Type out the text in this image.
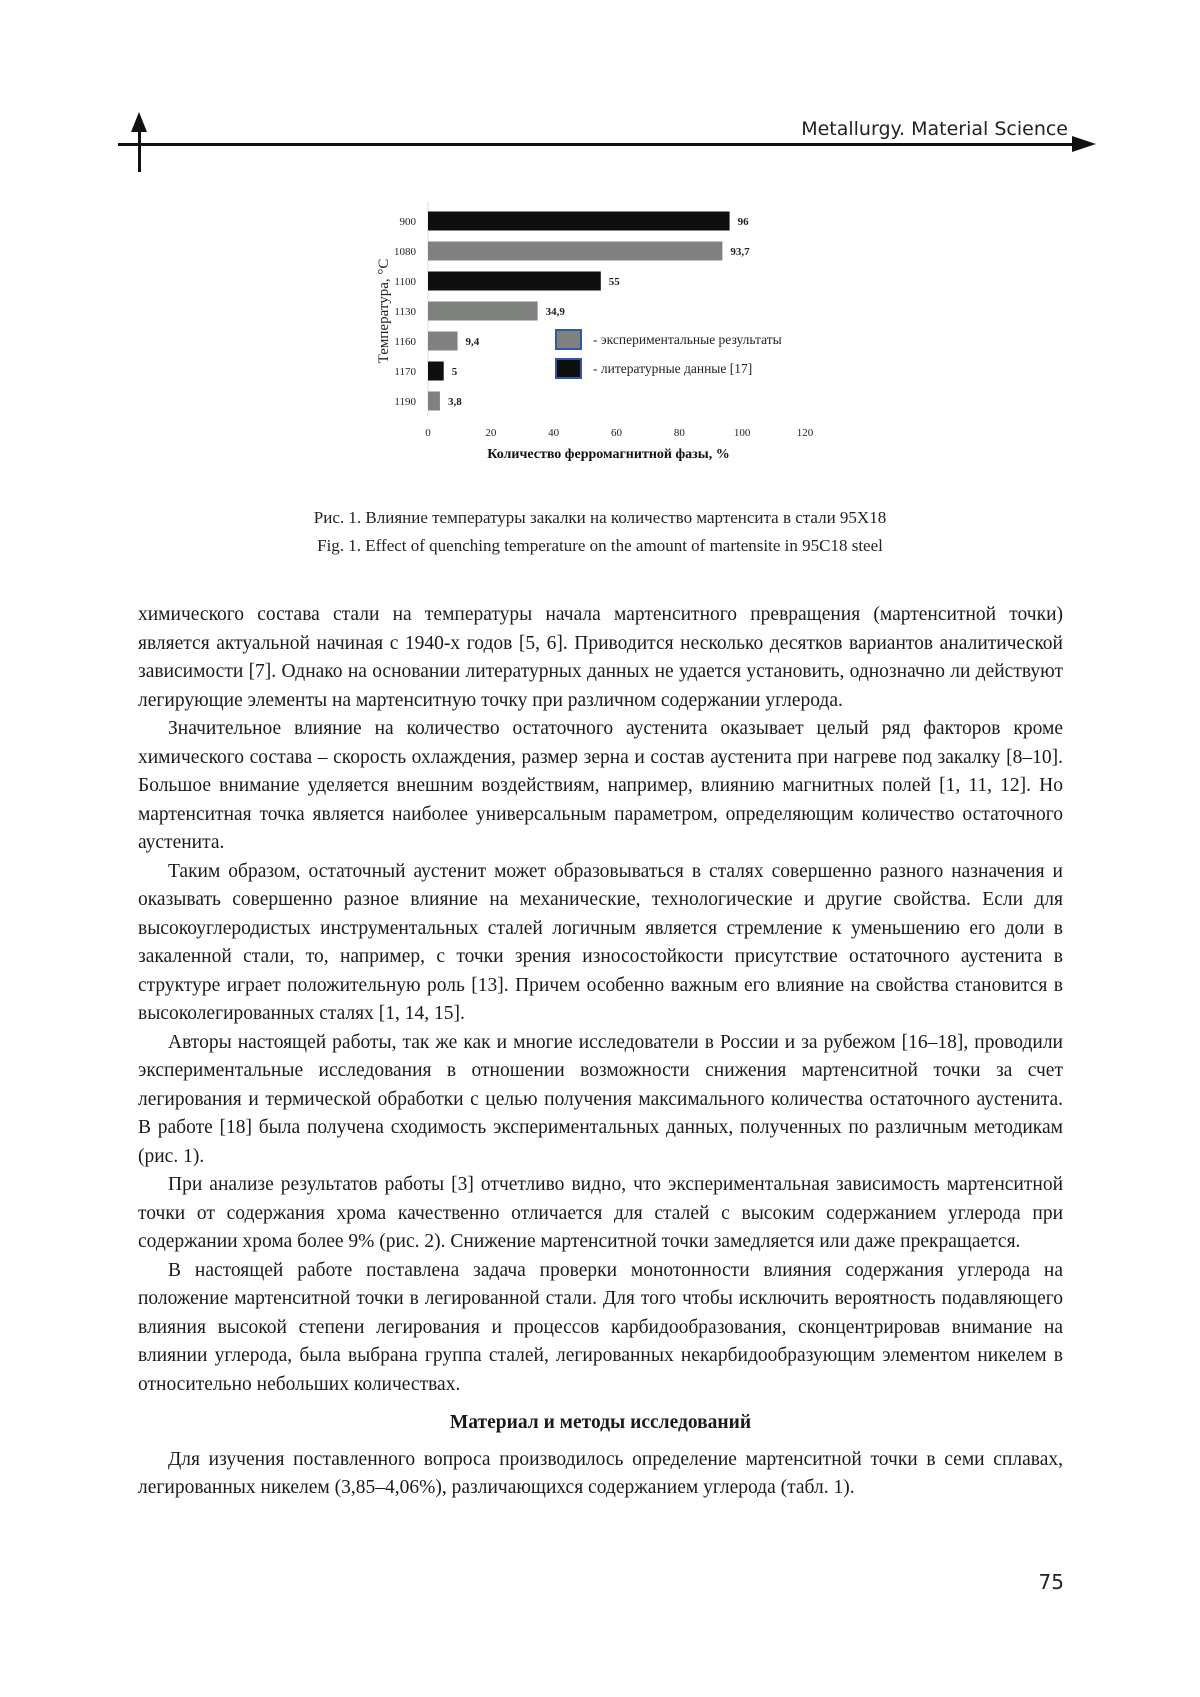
Metallurgy. Material Science
900	96
1080	93,7
1100	55
1130	34,9
1160	9,4
1170	5
1190	3,8
0	20	40	60	80	100	120
Количество ферромагнитной фазы, %
Температура, °С	- экспериментальные результаты
- литературные данные [17]
Рис. 1. Влияние температуры закалки на количество мартенсита в стали 95Х18
Fig. 1. Effect of quenching temperature on the amount of martensite in 95C18 steel

химического состава стали на температуры начала мартенситного превращения (мартенситной точки) является актуальной начиная с 1940-х годов [5, 6]. Приводится несколько десятков вариантов аналитической зависимости [7]. Однако на основании литературных данных не удается установить, однозначно ли действуют легирующие элементы на мартенситную точку при различном содержании углерода.

Значительное влияние на количество остаточного аустенита оказывает целый ряд факторов кроме химического состава – скорость охлаждения, размер зерна и состав аустенита при нагреве под закалку [8–10]. Большое внимание уделяется внешним воздействиям, например, влиянию магнитных полей [1, 11, 12]. Но мартенситная точка является наиболее универсальным параметром, определяющим количество остаточного аустенита.

Таким образом, остаточный аустенит может образовываться в сталях совершенно разного назначения и оказывать совершенно разное влияние на механические, технологические и другие свойства. Если для высокоуглеродистых инструментальных сталей логичным является стремление к уменьшению его доли в закаленной стали, то, например, с точки зрения износостойкости присутствие остаточного аустенита в структуре играет положительную роль [13]. Причем особенно важным его влияние на свойства становится в высоколегированных сталях [1, 14, 15].

Авторы настоящей работы, так же как и многие исследователи в России и за рубежом [16–18], проводили экспериментальные исследования в отношении возможности снижения мартенситной точки за счет легирования и термической обработки с целью получения максимального количества остаточного аустенита. В работе [18] была получена сходимость экспериментальных данных, полученных по различным методикам (рис. 1).

При анализе результатов работы [3] отчетливо видно, что экспериментальная зависимость мартенситной точки от содержания хрома качественно отличается для сталей с высоким содержанием углерода при содержании хрома более 9% (рис. 2). Снижение мартенситной точки замедляется или даже прекращается.

В настоящей работе поставлена задача проверки монотонности влияния содержания углерода на положение мартенситной точки в легированной стали. Для того чтобы исключить вероятность подавляющего влияния высокой степени легирования и процессов карбидообразования, сконцентрировав внимание на влиянии углерода, была выбрана группа сталей, легированных некарбидообразующим элементом никелем в относительно небольших количествах.

Материал и методы исследований

Для изучения поставленного вопроса производилось определение мартенситной точки в семи сплавах, легированных никелем (3,85–4,06%), различающихся содержанием углерода (табл. 1).

75
